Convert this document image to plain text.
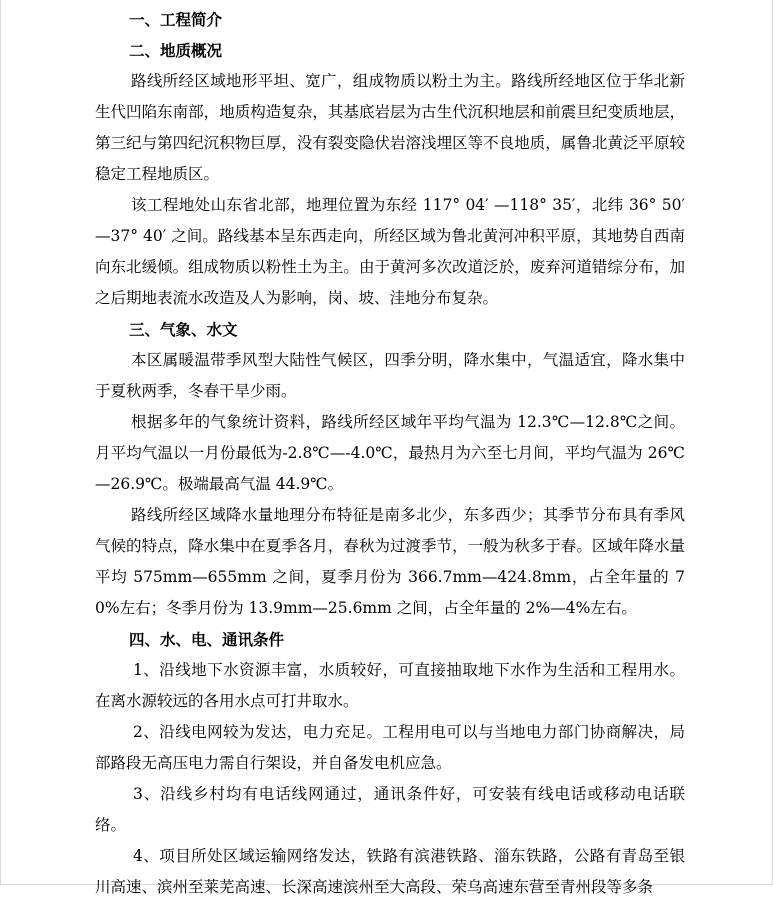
一、工程简介
二、地质概况

路线所经区域地形平坦、宽广，组成物质以粉土为主。路线所经地区位于华北新生代凹陷东南部，地质构造复杂，其基底岩层为古生代沉积地层和前震旦纪变质地层，第三纪与第四纪沉积物巨厚，没有裂变隐伏岩溶浅埋区等不良地质，属鲁北黄泛平原较稳定工程地质区。

该工程地处山东省北部，地理位置为东经 117° 04′ —118° 35′，北纬 36° 50′ —37° 40′ 之间。路线基本呈东西走向，所经区域为鲁北黄河冲积平原，其地势自西南向东北缓倾。组成物质以粉性土为主。由于黄河多次改道泛於，废弃河道错综分布，加之后期地表流水改造及人为影响，岗、坡、洼地分布复杂。

三、气象、水文

本区属暖温带季风型大陆性气候区，四季分明，降水集中，气温适宜，降水集中于夏秋两季，冬春干旱少雨。

根据多年的气象统计资料，路线所经区域年平均气温为 12.3℃—12.8℃之间。月平均气温以一月份最低为-2.8℃—-4.0℃，最热月为六至七月间，平均气温为 26℃—26.9℃。极端最高气温 44.9℃。

路线所经区域降水量地理分布特征是南多北少，东多西少；其季节分布具有季风气候的特点，降水集中在夏季各月，春秋为过渡季节，一般为秋多于春。区域年降水量平均 575mm—655mm 之间，夏季月份为 366.7mm—424.8mm，占全年量的 70%左右；冬季月份为 13.9mm—25.6mm 之间，占全年量的 2%—4%左右。

四、水、电、通讯条件

1、沿线地下水资源丰富，水质较好，可直接抽取地下水作为生活和工程用水。在离水源较远的各用水点可打井取水。

2、沿线电网较为发达，电力充足。工程用电可以与当地电力部门协商解决，局部路段无高压电力需自行架设，并自备发电机应急。

3、沿线乡村均有电话线网通过，通讯条件好，可安装有线电话或移动电话联络。

4、项目所处区域运输网络发达，铁路有滨港铁路、淄东铁路，公路有青岛至银川高速、滨州至莱芜高速、长深高速滨州至大高段、荣乌高速东营至青州段等多条
